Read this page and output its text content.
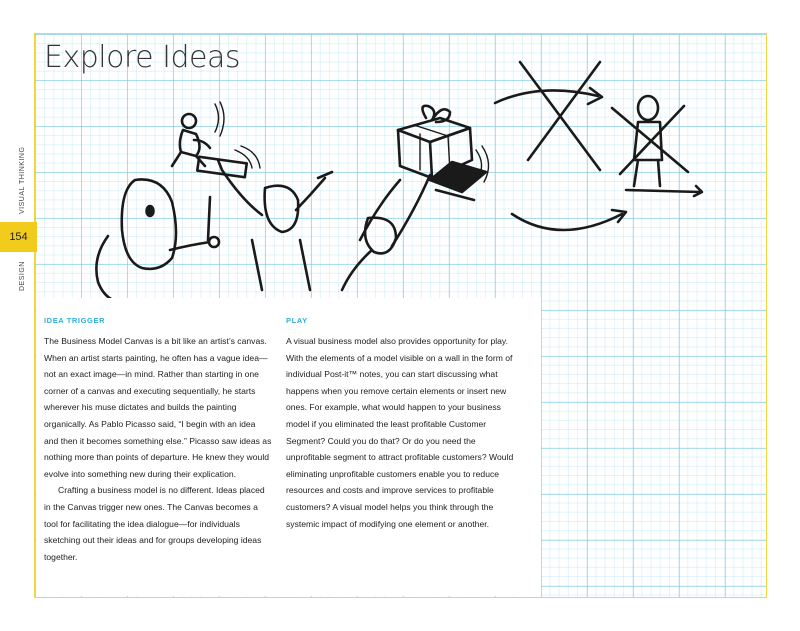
Explore Ideas
VISUAL THINKING
154
DESIGN
IDEA TRIGGER

The Business Model Canvas is a bit like an artist’s canvas. When an artist starts painting, he often has a vague idea—not an exact image—in mind. Rather than starting in one corner of a canvas and executing sequentially, he starts wherever his muse dictates and builds the painting organically. As Pablo Picasso said, “I begin with an idea and then it becomes something else.” Picasso saw ideas as nothing more than points of departure. He knew they would evolve into something new during their explication.

Crafting a business model is no different. Ideas placed in the Canvas trigger new ones. The Canvas becomes a tool for facilitating the idea dialogue—for individuals sketching out their ideas and for groups developing ideas together.

PLAY

A visual business model also provides opportunity for play. With the elements of a model visible on a wall in the form of individual Post-it™ notes, you can start discussing what happens when you remove certain elements or insert new ones. For example, what would happen to your business model if you eliminated the least profitable Customer Segment? Could you do that? Or do you need the unprofitable segment to attract profitable customers? Would eliminating unprofitable customers enable you to reduce resources and costs and improve services to profitable customers? A visual model helps you think through the systemic impact of modifying one element or another.
